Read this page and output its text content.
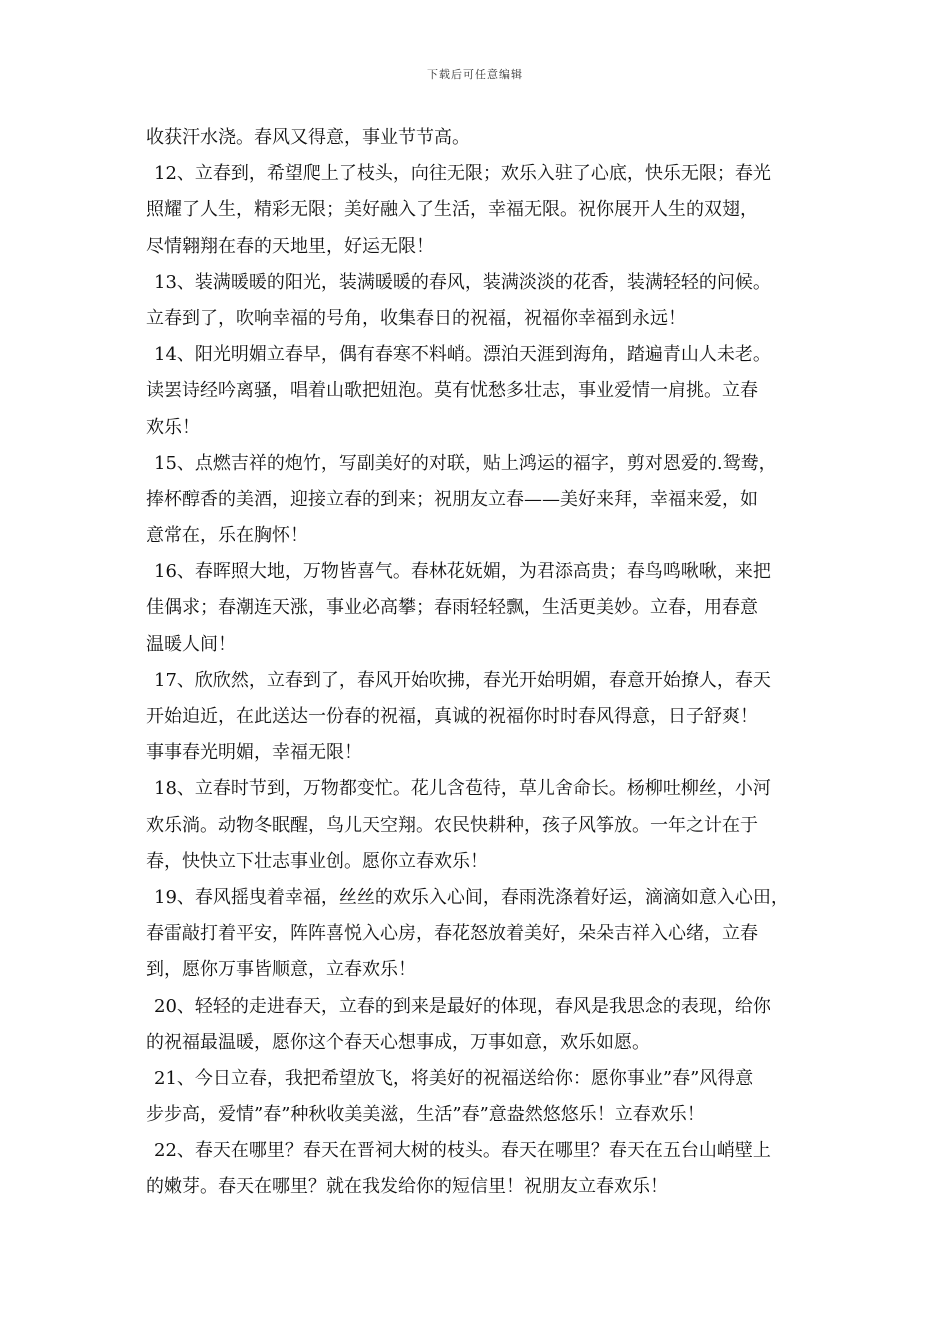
下载后可任意编辑
收获汗水浇。春风又得意，事业节节高。
12、立春到，希望爬上了枝头，向往无限；欢乐入驻了心底，快乐无限；春光
照耀了人生，精彩无限；美好融入了生活，幸福无限。祝你展开人生的双翅，
尽情翱翔在春的天地里，好运无限！
13、装满暖暖的阳光，装满暖暖的春风，装满淡淡的花香，装满轻轻的问候。
立春到了，吹响幸福的号角，收集春日的祝福，祝福你幸福到永远！
14、阳光明媚立春早，偶有春寒不料峭。漂泊天涯到海角，踏遍青山人未老。
读罢诗经吟离骚，唱着山歌把妞泡。莫有忧愁多壮志，事业爱情一肩挑。立春
欢乐！
15、点燃吉祥的炮竹，写副美好的对联，贴上鸿运的福字，剪对恩爱的.鸳鸯，
捧杯醇香的美酒，迎接立春的到来；祝朋友立春——美好来拜，幸福来爱，如
意常在，乐在胸怀！
16、春晖照大地，万物皆喜气。春林花妩媚，为君添高贵；春鸟鸣啾啾，来把
佳偶求；春潮连天涨，事业必高攀；春雨轻轻飘，生活更美妙。立春，用春意
温暖人间！
17、欣欣然，立春到了，春风开始吹拂，春光开始明媚，春意开始撩人，春天
开始迫近，在此送达一份春的祝福，真诚的祝福你时时春风得意，日子舒爽！
事事春光明媚，幸福无限！
18、立春时节到，万物都变忙。花儿含苞待，草儿舍命长。杨柳吐柳丝，小河
欢乐淌。动物冬眠醒，鸟儿天空翔。农民快耕种，孩子风筝放。一年之计在于
春，快快立下壮志事业创。愿你立春欢乐！
19、春风摇曳着幸福，丝丝的欢乐入心间，春雨洗涤着好运，滴滴如意入心田，
春雷敲打着平安，阵阵喜悦入心房，春花怒放着美好，朵朵吉祥入心绪，立春
到，愿你万事皆顺意，立春欢乐！
20、轻轻的走进春天，立春的到来是最好的体现，春风是我思念的表现，给你
的祝福最温暖，愿你这个春天心想事成，万事如意，欢乐如愿。
21、今日立春，我把希望放飞，将美好的祝福送给你：愿你事业”春”风得意
步步高，爱情”春”种秋收美美滋，生活”春”意盎然悠悠乐！立春欢乐！
22、春天在哪里？春天在晋祠大树的枝头。春天在哪里？春天在五台山峭壁上
的嫩芽。春天在哪里？就在我发给你的短信里！祝朋友立春欢乐！
